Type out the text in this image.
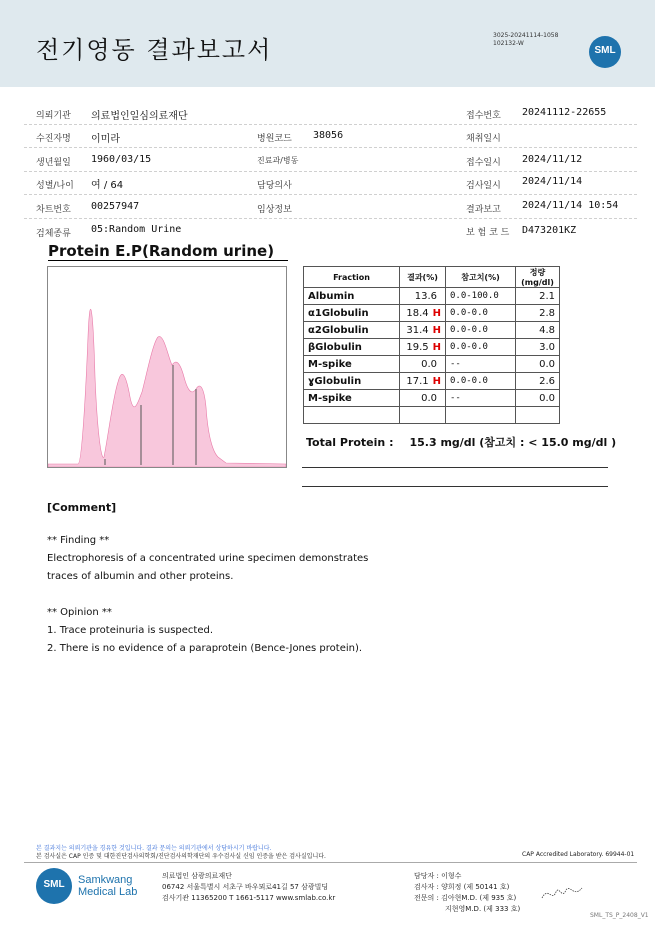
전기영동 결과보고서
3025-20241114-1058
102132-W
SML
의뢰기관 의료법인일심의료재단	접수번호 20241112-22655
수진자명 이미라	병원코드 38056	채취일시
생년월일 1960/03/15	진료과/병동	접수일시 2024/11/12
성별/나이 여 / 64	담당의사	검사일시 2024/11/14
차트번호 00257947	임상정보	결과보고 2024/11/14 10:54
검체종류 05:Random Urine	보 험 코 드 D473201KZ
Protein E.P(Random urine)
Fraction	결과(%)	참고치(%)	정량(mg/dl)
Albumin	13.6	0.0-100.0	2.1
α1Globulin	18.4 H	0.0-0.0	2.8
α2Globulin	31.4 H	0.0-0.0	4.8
βGlobulin	19.5 H	0.0-0.0	3.0
M-spike	0.0	--	0.0
ɣGlobulin	17.1 H	0.0-0.0	2.6
M-spike	0.0	--	0.0

Total Protein : 15.3 mg/dl (참고치 : < 15.0 mg/dl )
[Comment]
** Finding **
Electrophoresis of a concentrated urine specimen demonstrates
traces of albumin and other proteins.
** Opinion **
1. Trace proteinuria is suspected.
2. There is no evidence of a paraprotein (Bence-Jones protein).
본 결과지는 의뢰기관을 경유한 것입니다. 결과 문의는 의뢰기관에서 상담하시기 바랍니다.
본 검사실은 CAP 인증 및 대한진단검사의학회/진단검사의학재단의 우수검사실 신임 인증을 받은 검사실입니다.	CAP Accredited Laboratory. 69944-01
SML	Samkwang
Medical Lab
의료법인 삼광의료재단
06742 서울특별시 서초구 바우뫼로41길 57 삼광빌딩
검사기관 11365200 T 1661-5117 www.smlab.co.kr
담당자 : 이형수
검사자 : 양희정 (제 50141 호)
전문의 : 김아현M.D. (제 935 호)
지현영M.D. (제 333 호)
SML_TS_P_2408_V1
